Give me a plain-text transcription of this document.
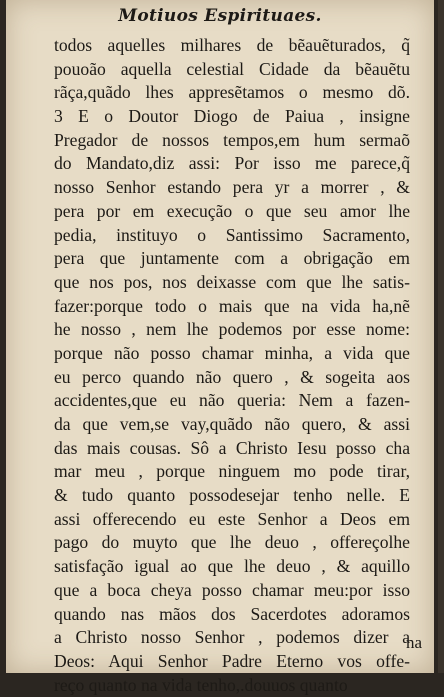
Motiuos Espirituaes.
todos aquelles milhares de bẽauẽturados, q̃
pouoão aquella celestial Cidade da bẽauẽtu
rãça,quãdo lhes appresẽtamos o mesmo dõ.
3 E o Doutor Diogo de Paiua , insigne
Pregador de nossos tempos,em hum sermaõ
do Mandato,diz assi: Por isso me parece,q̃
nosso Senhor estando pera yr a morrer , &
pera por em execução o que seu amor lhe
pedia, instituyo o Santissimo Sacramento,
pera que juntamente com a obrigação em
que nos pos, nos deixasse com que lhe satis-
fazer:porque todo o mais que na vida ha,nẽ
he nosso , nem lhe podemos por esse nome:
porque não posso chamar minha, a vida que
eu perco quando não quero , & sogeita aos
accidentes,que eu não queria: Nem a fazen-
da que vem,se vay,quãdo não quero, & assi
das mais cousas. Sô a Christo Iesu posso cha
mar meu , porque ninguem mo pode tirar,
& tudo quanto possodesejar tenho nelle. E
assi offerecendo eu este Senhor a Deos em
pago do muyto que lhe deuo , offereçolhe
satisfação igual ao que lhe deuo , & aquillo
que a boca cheya posso chamar meu:por isso
quando nas mãos dos Sacerdotes adoramos
a Christo nosso Senhor , podemos dizer a
Deos: Aqui Senhor Padre Eterno vos offe-
reço quanto na vida tenho,.douuos quanto
na
